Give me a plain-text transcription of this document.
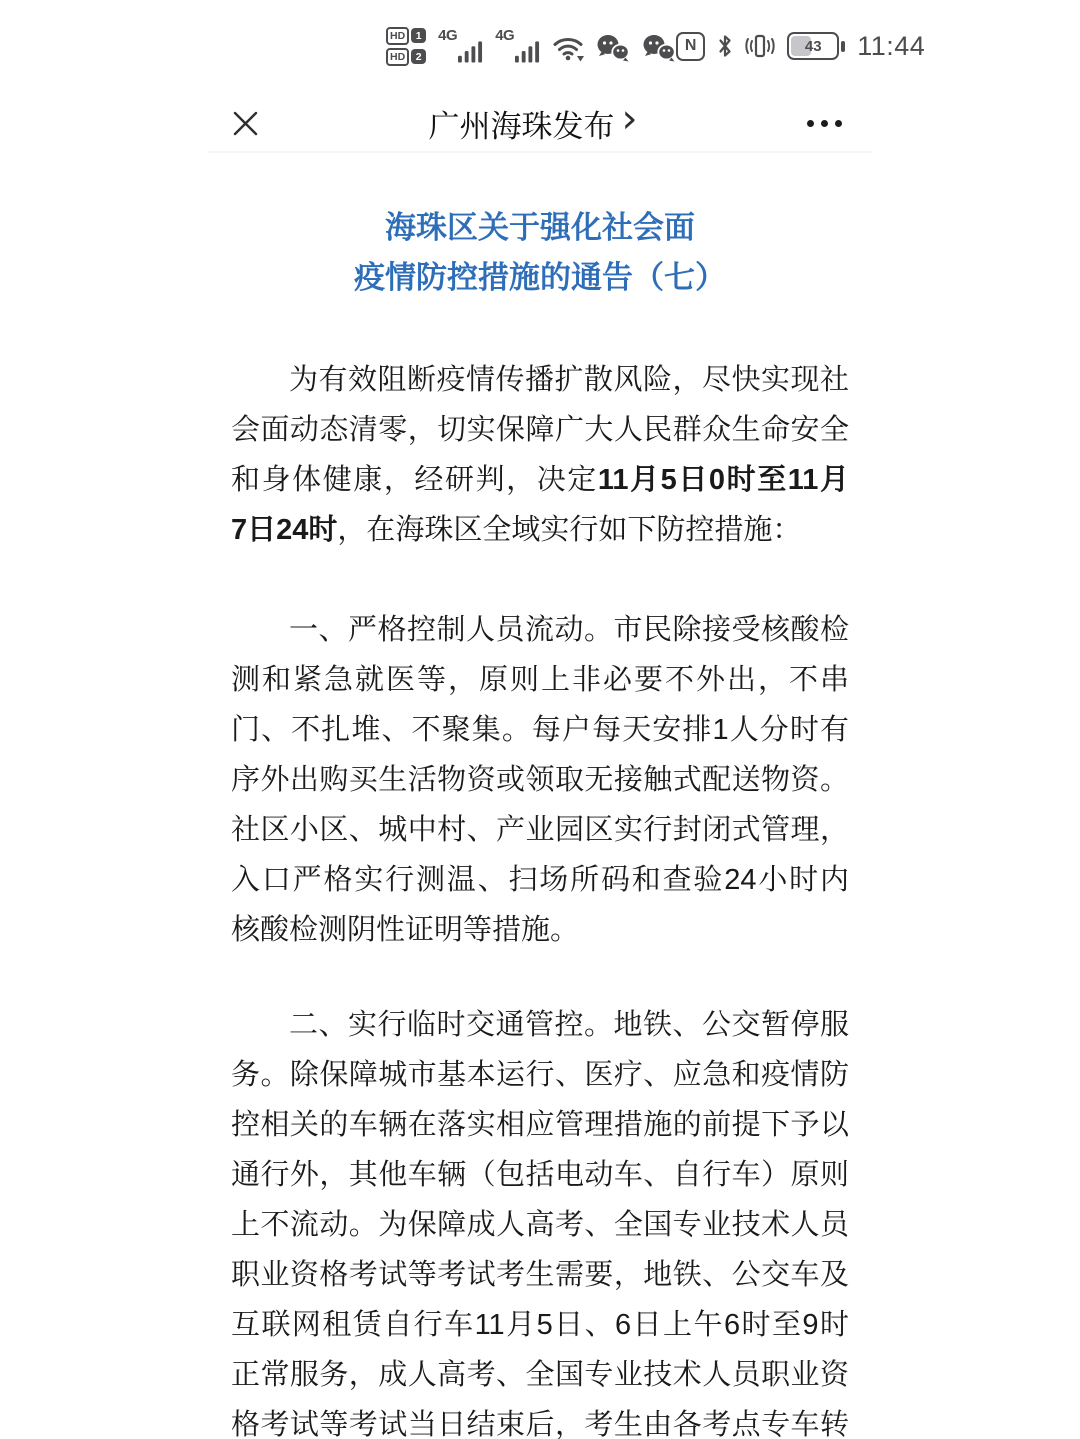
HD	1
HD	2
4G	4G
N	43 11:44
广州海珠发布 ›
海珠区关于强化社会面
疫情防控措施的通告（七）
为有效阻断疫情传播扩散风险，尽快实现社
会面动态清零，切实保障广大人民群众生命安全
和身体健康，经研判，决定11月5日0时至11月
7日24时，在海珠区全域实行如下防控措施：
一、严格控制人员流动。市民除接受核酸检
测和紧急就医等，原则上非必要不外出，不串
门、不扎堆、不聚集。每户每天安排1人分时有
序外出购买生活物资或领取无接触式配送物资。
社区小区、城中村、产业园区实行封闭式管理，
入口严格实行测温、扫场所码和查验24小时内
核酸检测阴性证明等措施。
二、实行临时交通管控。地铁、公交暂停服
务。除保障城市基本运行、医疗、应急和疫情防
控相关的车辆在落实相应管理措施的前提下予以
通行外，其他车辆（包括电动车、自行车）原则
上不流动。为保障成人高考、全国专业技术人员
职业资格考试等考试考生需要，地铁、公交车及
互联网租赁自行车11月5日、6日上午6时至9时
正常服务，成人高考、全国专业技术人员职业资
格考试等考试当日结束后，考生由各考点专车转
